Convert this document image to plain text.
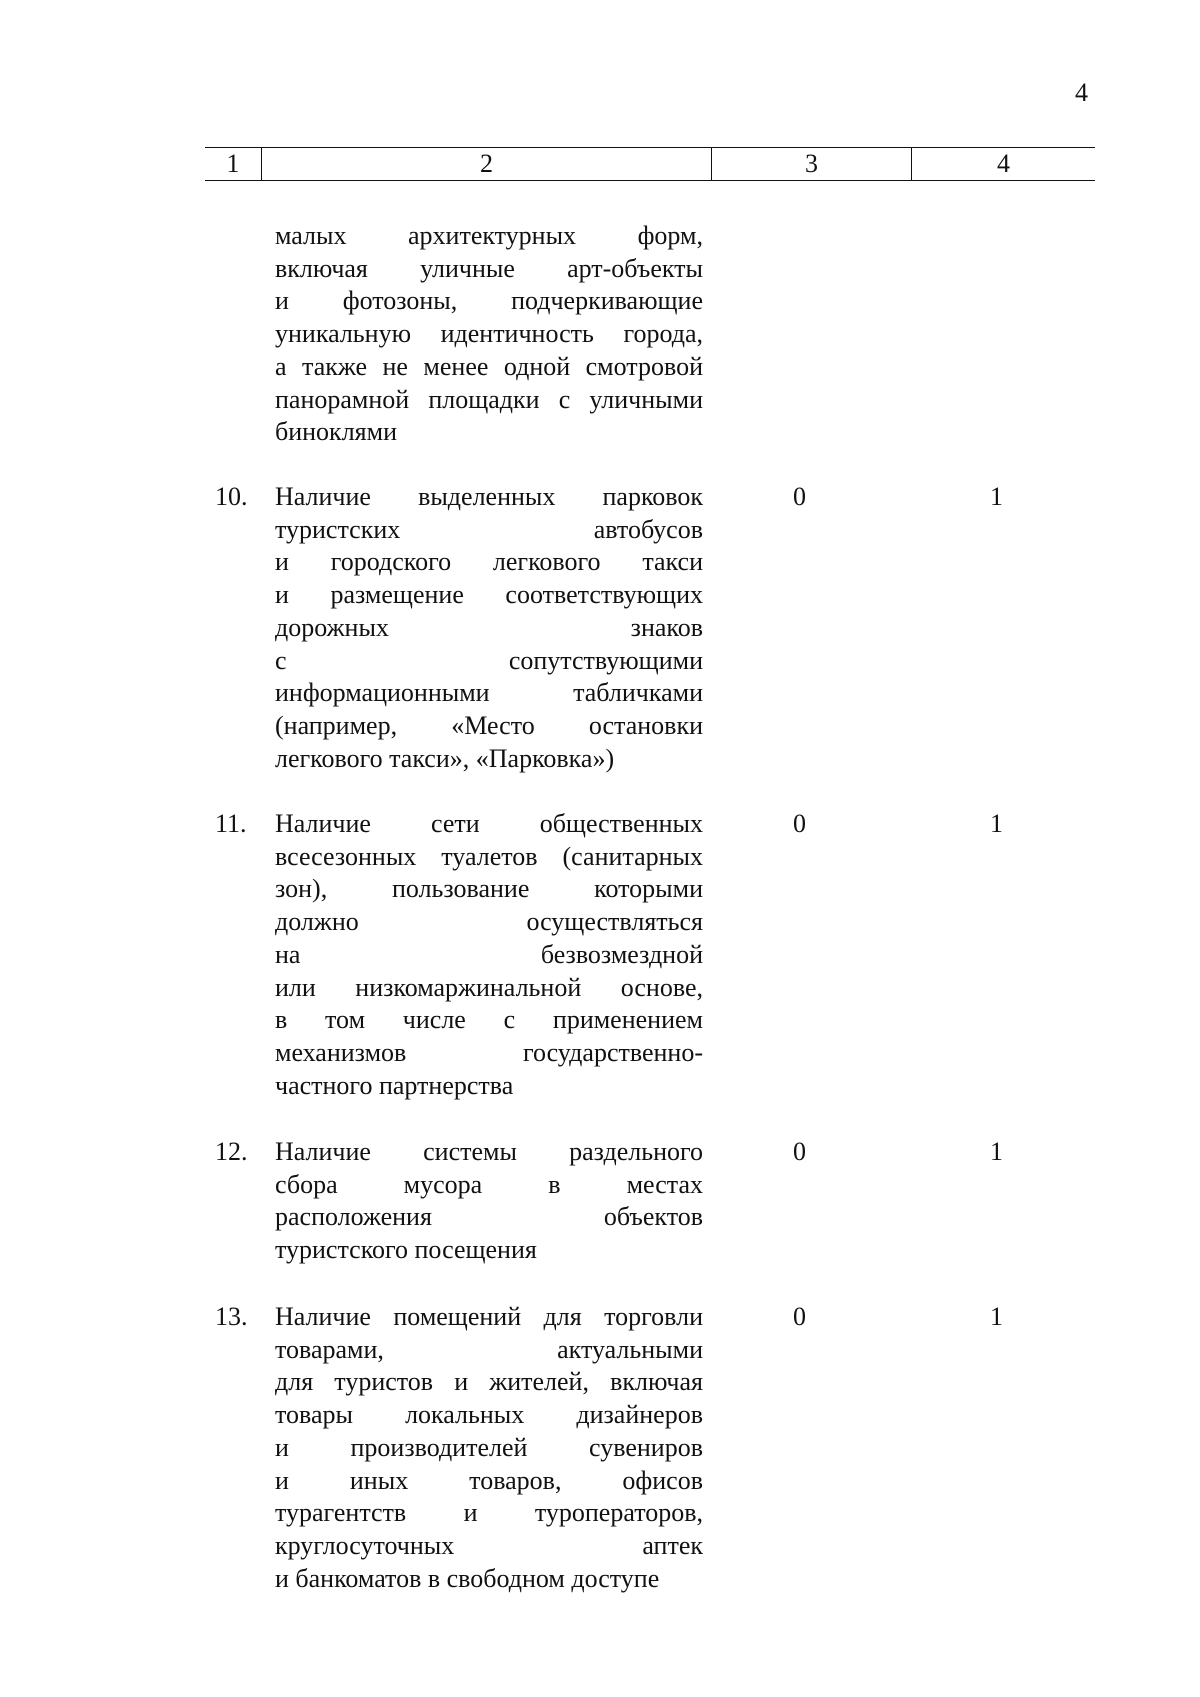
4
1	2	3	4
малых архитектурных форм,
включая уличные арт-объекты
и фотозоны, подчеркивающие
уникальную идентичность города,
а также не менее одной смотровой
панорамной площадки с уличными
биноклями
10.	Наличие выделенных парковок
туристских автобусов
и городского легкового такси
и размещение соответствующих
дорожных знаков
с сопутствующими
информационными табличками
(например, «Место остановки
легкового такси», «Парковка»)
0	1
11.	Наличие сети общественных
всесезонных туалетов (санитарных
зон), пользование которыми
должно осуществляться
на безвозмездной
или низкомаржинальной основе,
в том числе с применением
механизмов государственно-
частного партнерства
0	1
12.	Наличие системы раздельного
сбора мусора в местах
расположения объектов
туристского посещения
0	1
13.	Наличие помещений для торговли
товарами, актуальными
для туристов и жителей, включая
товары локальных дизайнеров
и производителей сувениров
и иных товаров, офисов
турагентств и туроператоров,
круглосуточных аптек
и банкоматов в свободном доступе
0	1
